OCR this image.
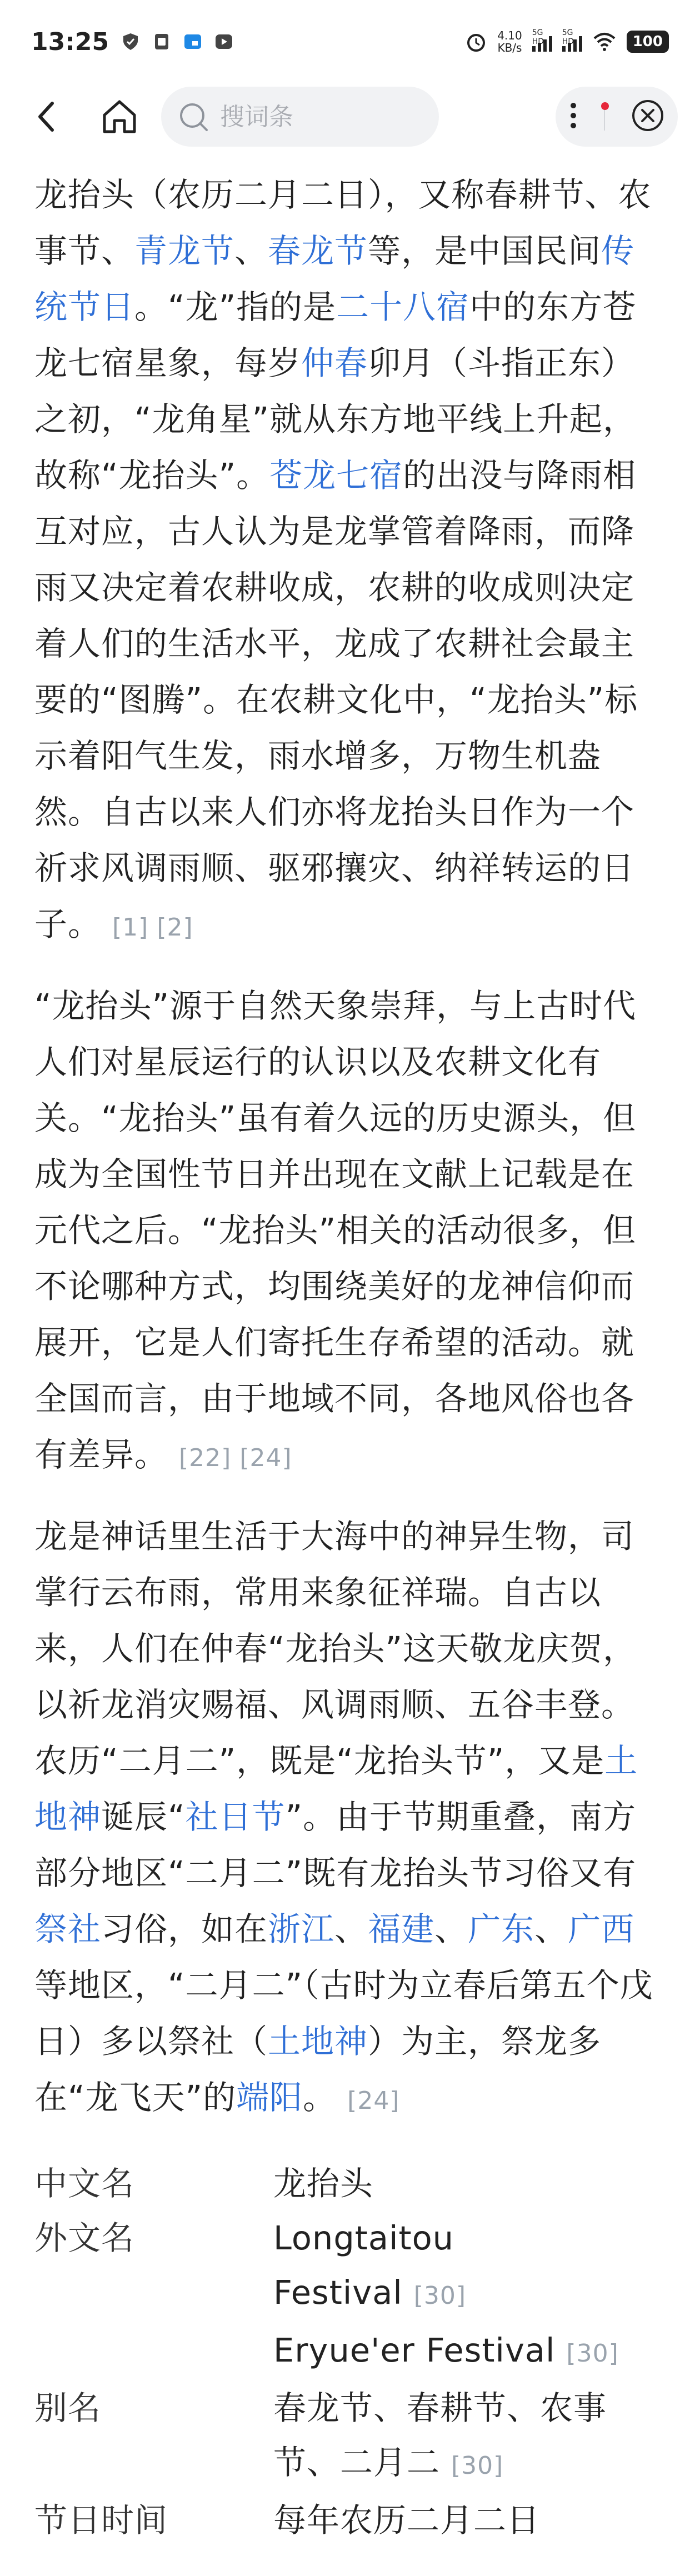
13:25	4.10
KB/s
5G HD
5G HD	100
搜词条

龙抬头（农历二月二日），又称春耕节、农事节、青龙节、春龙节等，是中国民间传统节日。“龙”指的是二十八宿中的东方苍龙七宿星象，每岁仲春卯月（斗指正东）之初，“龙角星”就从东方地平线上升起，故称“龙抬头”。苍龙七宿的出没与降雨相互对应，古人认为是龙掌管着降雨，而降雨又决定着农耕收成，农耕的收成则决定着人们的生活水平，龙成了农耕社会最主要的“图腾”。在农耕文化中，“龙抬头”标示着阳气生发，雨水增多，万物生机盎然。自古以来人们亦将龙抬头日作为一个祈求风调雨顺、驱邪攘灾、纳祥转运的日子。 [1] [2]

“龙抬头”源于自然天象崇拜，与上古时代人们对星辰运行的认识以及农耕文化有关。“龙抬头”虽有着久远的历史源头，但成为全国性节日并出现在文献上记载是在元代之后。“龙抬头”相关的活动很多，但不论哪种方式，均围绕美好的龙神信仰而展开，它是人们寄托生存希望的活动。就全国而言，由于地域不同，各地风俗也各有差异。 [22] [24]

龙是神话里生活于大海中的神异生物，司掌行云布雨，常用来象征祥瑞。自古以来，人们在仲春“龙抬头”这天敬龙庆贺，以祈龙消灾赐福、风调雨顺、五谷丰登。农历“二月二”，既是“龙抬头节”，又是土地神诞辰“社日节”。由于节期重叠，南方部分地区“二月二”既有龙抬头节习俗又有祭社习俗，如在浙江、福建、广东、广西等地区，“二月二”（古时为立春后第五个戊日）多以祭社（土地神）为主，祭龙多在“龙飞天”的端阳。 [24]

中文名	龙抬头
外文名	Longtaitou Festival [30]
Eryue'er Festival [30]
别名	春龙节、春耕节、农事节、二月二 [30]
节日时间	每年农历二月二日
